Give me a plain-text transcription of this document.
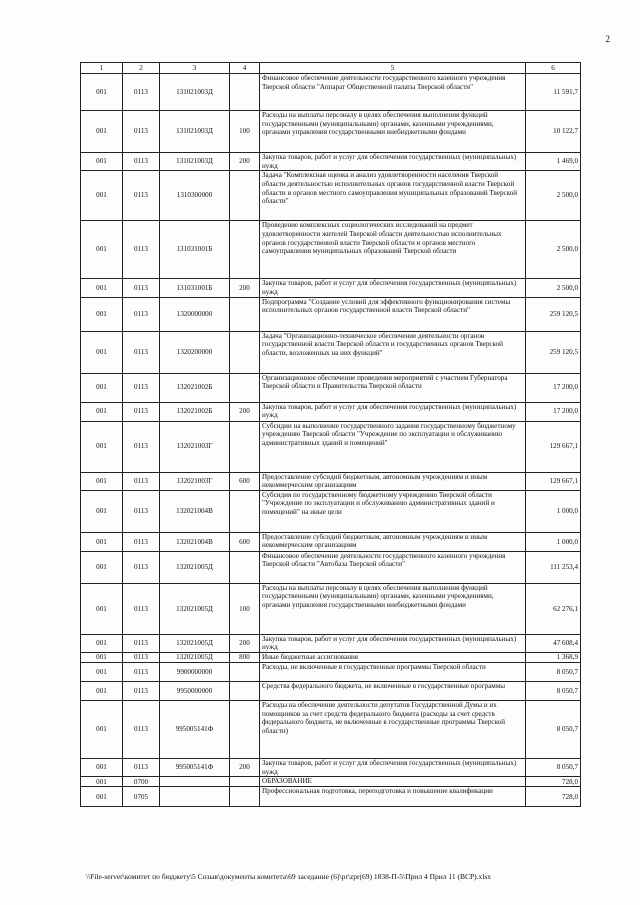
2
1	2	3	4	5	6
001	0113	131021003Д		Финансовое обеспечение деятельности государственного казенного учреждения Тверской области "Аппарат Общественной палаты Тверской области"	11 591,7
001	0113	131021003Д	100	Расходы на выплаты персоналу в целях обеспечения выполнения функций государственными (муниципальными) органами, казенными учреждениями, органами управления государственными внебюджетными фондами	10 122,7
001	0113	131021003Д	200	Закупка товаров, работ и услуг для обеспечения государственных (муниципальных) нужд	1 469,0
001	0113	1310300000		Задача "Комплексная оценка и анализ удовлетворенности населения Тверской области деятельностью исполнительных органов государственной власти Тверской области и органов местного самоуправления муниципальных образований Тверской области"	2 500,0
001	0113	131031001Б		Проведение комплексных социологических исследований на предмет удовлетворенности жителей Тверской области деятельностью исполнительных органов государственной власти Тверской области и органов местного самоуправления муниципальных образований Тверской области	2 500,0
001	0113	131031001Б	200	Закупка товаров, работ и услуг для обеспечения государственных (муниципальных) нужд	2 500,0
001	0113	1320000000		Подпрограмма "Создание условий для эффективного функционирования системы исполнительных органов государственной власти Тверской области"	259 120,5
001	0113	1320200000		Задача "Организационно-техническое обеспечение деятельности органов государственной власти Тверской области и государственных органов Тверской области, возложенных на них функций"	259 120,5
001	0113	132021002Б		Организационное обеспечение проведения мероприятий с участием Губернатора Тверской области и Правительства Тверской области	17 200,0
001	0113	132021002Б	200	Закупка товаров, работ и услуг для обеспечения государственных (муниципальных) нужд	17 200,0
001	0113	132021003Г		Субсидии на выполнение государственного задания государственному бюджетному учреждению Тверской области "Учреждение по эксплуатации и обслуживанию административных зданий и помещений"	129 667,1
001	0113	132021003Г	600	Предоставление субсидий бюджетным, автономным учреждениям и иным некоммерческим организациям	129 667,1
001	0113	132021004В		Субсидия по государственному бюджетному учреждению Тверской области "Учреждение по эксплуатации и обслуживанию административных зданий и помещений" на иные цели	1 000,0
001	0113	132021004В	600	Предоставление субсидий бюджетным, автономным учреждениям и иным некоммерческим организациям	1 000,0
001	0113	132021005Д		Финансовое обеспечение деятельности государственного казенного учреждения Тверской области "Автобаза Тверской области"	111 253,4
001	0113	132021005Д	100	Расходы на выплаты персоналу в целях обеспечения выполнения функций государственными (муниципальными) органами, казенными учреждениями, органами управления государственными внебюджетными фондами	62 276,1
001	0113	132021005Д	200	Закупка товаров, работ и услуг для обеспечения государственных (муниципальных) нужд	47 608,4
001	0113	132021005Д	800	Иные бюджетные ассигнования	1 368,9
001	0113	9900000000		Расходы, не включенные в государственные программы Тверской области	8 050,7
001	0113	9950000000		Средства федерального бюджета, не включенные в государственные программы	8 050,7
001	0113	995005141Ф		Расходы на обеспечение деятельности депутатов Государственной Думы и их помощников за счет средств федерального бюджета (расходы за счет средств федерального бюджета, не включенные в государственные программы Тверской области)	8 050,7
001	0113	995005141Ф	200	Закупка товаров, работ и услуг для обеспечения государственных (муниципальных) нужд	8 050,7
001	0700			ОБРАЗОВАНИЕ	728,0
001	0705			Профессиональная подготовка, переподготовка и повышение квалификации	728,0
\\File-server\комитет по бюджету\5 Созыв\документы комитета\69 заседание (6)\pr\zpr(69) 1838-П-5\Прил 4 Прил 11 (ВСР).xlsx
